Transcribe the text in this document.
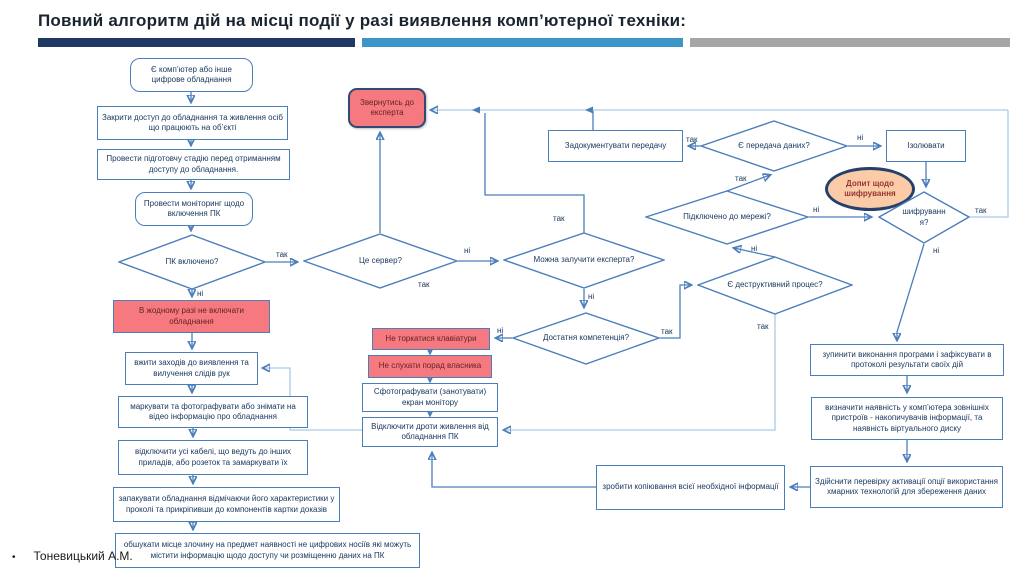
Повний алгоритм дій на місці події у разі виявлення комп’ютерної техніки:
Є комп’ютер або інше цифрове обладнання
Закрити доступ до обладнання та живлення осіб що працюють на об’єкті
Провести підготовчу стадію перед отриманням доступу до обладнання.
Провести моніторинг щодо включення ПК
ПК включено?
В жодному разі не включати обладнання
вжити заходів до виявлення та вилучення слідів рук
маркувати та фотографувати або знімати на відео інформацію про обладнання
відключити усі кабелі, що ведуть до інших приладів, або розеток та замаркувати їх
запакувати обладнання відмічаючи його характеристики у проколі та прикріпивши до компонентів картки доказів
обшукати місце злочину на предмет наявності не цифрових носіїв які можуть містити інформацію щодо доступу чи розміщенню даних на ПК
Звернутись до експерта
Це сервер?	Можна залучити експерта?
Достатня компетенція?
Не торкатися клавіатури
Не слухати порад власника
Сфотографувати (занотувати) екран монітору
Відключити дроти живлення від обладнання ПК
Задокументувати передачу	Є передача даних?	Ізолювати
Допит щодо шифрування
Підключено до мережі?
шифрування?
Є деструктивний процес?
зупинити виконання програми і зафіксувати в протоколі результати своїх дій
визначити наявність у комп’ютера зовнішніх пристроїв - накопичувачів інформації, та наявність віртуального диску
Здійснити перевірку активації опції використання хмарних технологій для збереження даних
зробити копіювання всієї необхідної інформації
так
ні
так
ні
так
ні
ні	так
ні
так
так
ні
так	ні
так
ні
• Тоневицький А.М.
